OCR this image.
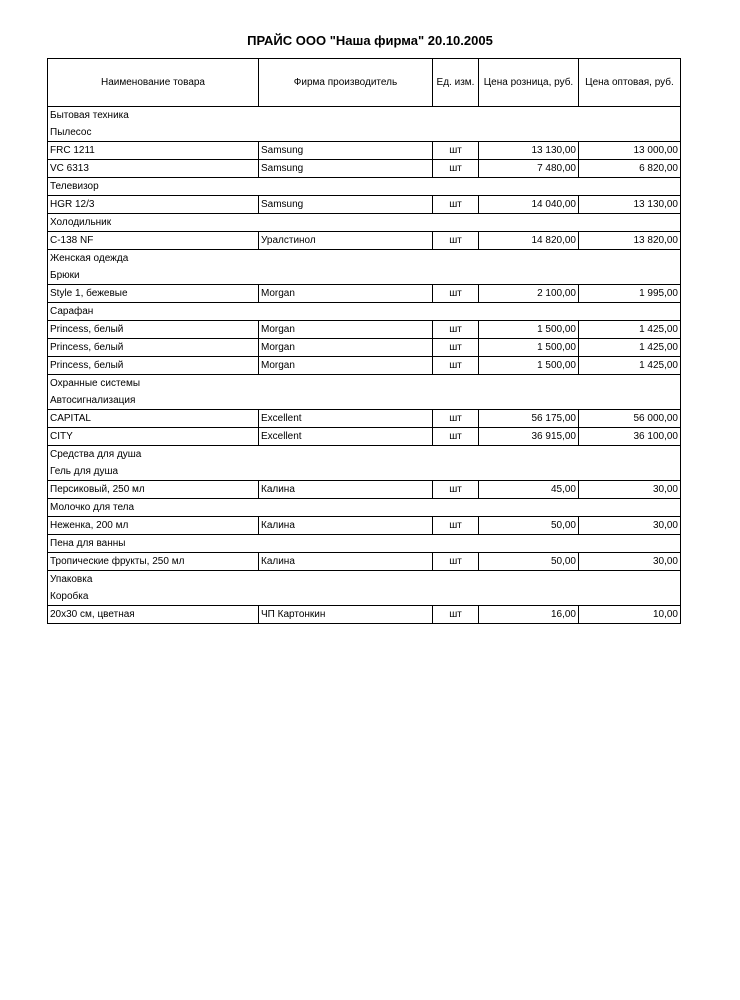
ПРАЙС ООО "Наша фирма" 20.10.2005
Наименование товара	Фирма производитель	Ед. изм.	Цена розница, руб.	Цена оптовая, руб.
Бытовая техника				
Пылесос				
FRC 1211	Samsung	шт	13 130,00	13 000,00
VC 6313	Samsung	шт	7 480,00	6 820,00
Телевизор				
HGR 12/3	Samsung	шт	14 040,00	13 130,00
Холодильник				
C-138 NF	Уралстинол	шт	14 820,00	13 820,00
Женская одежда				
Брюки				
Style 1, бежевые	Morgan	шт	2 100,00	1 995,00
Сарафан				
Princess, белый	Morgan	шт	1 500,00	1 425,00
Princess, белый	Morgan	шт	1 500,00	1 425,00
Princess, белый	Morgan	шт	1 500,00	1 425,00
Охранные системы				
Автосигнализация				
CAPITAL	Excellent	шт	56 175,00	56 000,00
CITY	Excellent	шт	36 915,00	36 100,00
Средства для душа				
Гель для душа				
Персиковый, 250 мл	Калина	шт	45,00	30,00
Молочко для тела				
Неженка, 200 мл	Калина	шт	50,00	30,00
Пена для ванны				
Тропические фрукты, 250 мл	Калина	шт	50,00	30,00
Упаковка				
Коробка				
20x30 см, цветная	ЧП Картонкин	шт	16,00	10,00
